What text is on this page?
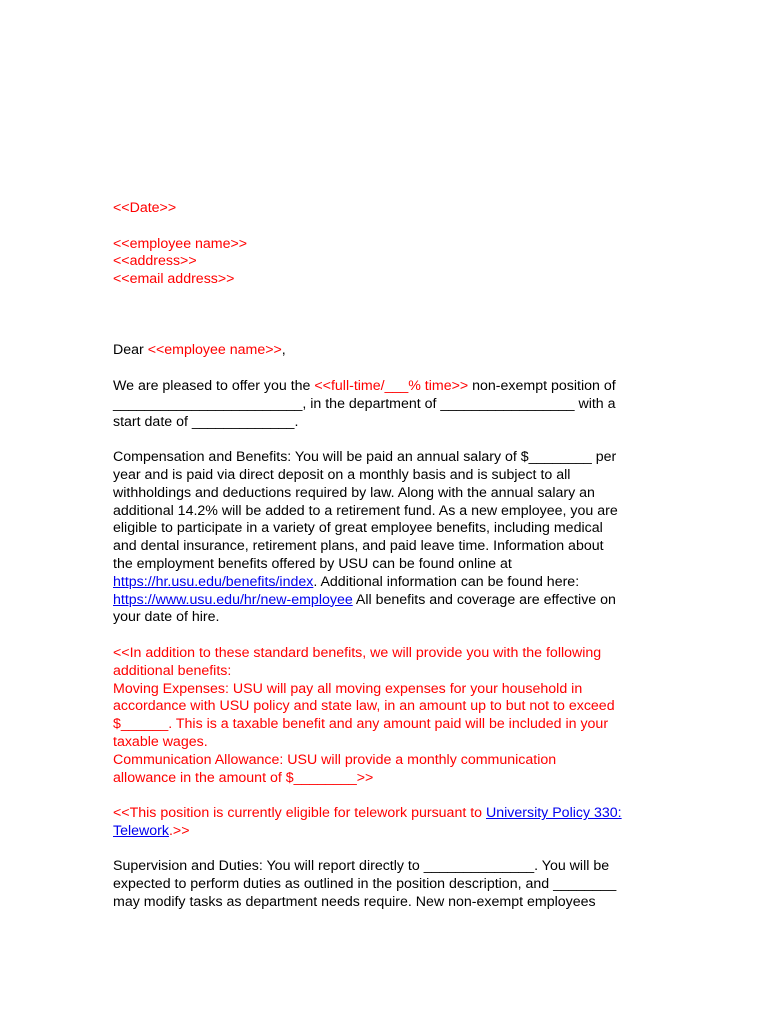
<<Date>>
<<employee name>>
<<address>>
<<email address>>
Dear <<employee name>>,
We are pleased to offer you the <<full-time/___% time>> non-exempt position of
________________________, in the department of _________________ with a
start date of _____________.
Compensation and Benefits: You will be paid an annual salary of $________ per
year and is paid via direct deposit on a monthly basis and is subject to all
withholdings and deductions required by law. Along with the annual salary an
additional 14.2% will be added to a retirement fund. As a new employee, you are
eligible to participate in a variety of great employee benefits, including medical
and dental insurance, retirement plans, and paid leave time. Information about
the employment benefits offered by USU can be found online at
https://hr.usu.edu/benefits/index. Additional information can be found here:
https://www.usu.edu/hr/new-employee All benefits and coverage are effective on
your date of hire.
<<In addition to these standard benefits, we will provide you with the following
additional benefits:
Moving Expenses: USU will pay all moving expenses for your household in
accordance with USU policy and state law, in an amount up to but not to exceed
$______. This is a taxable benefit and any amount paid will be included in your
taxable wages.
Communication Allowance: USU will provide a monthly communication
allowance in the amount of $________>>
<<This position is currently eligible for telework pursuant to University Policy 330:
Telework.>>
Supervision and Duties: You will report directly to ______________. You will be
expected to perform duties as outlined in the position description, and ________
may modify tasks as department needs require. New non-exempt employees
